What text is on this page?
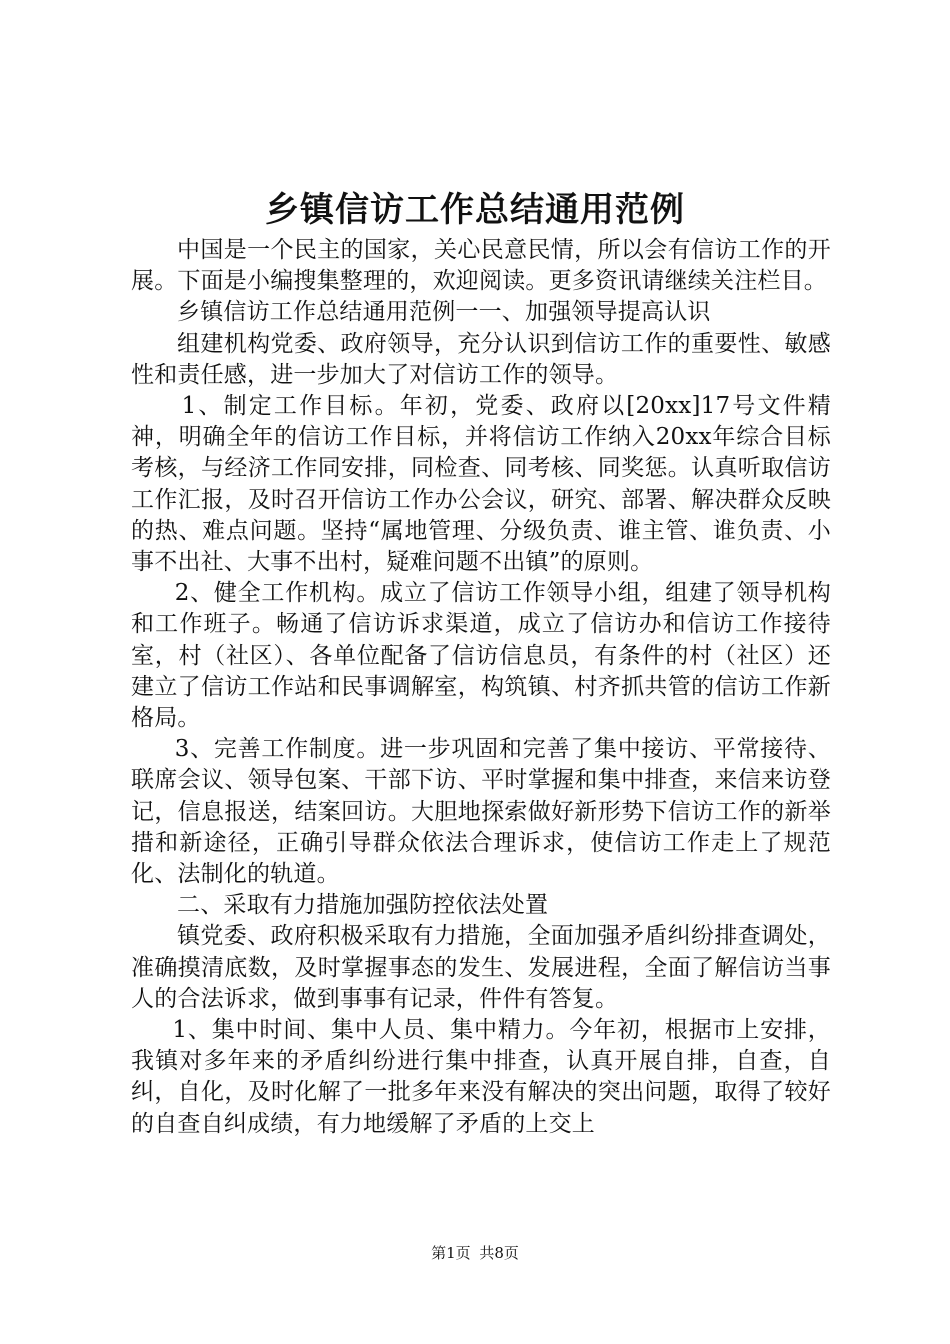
乡镇信访工作总结通用范例

中国是一个民主的国家，关心民意民情，所以会有信访工作的开展。下面是小编搜集整理的，欢迎阅读。更多资讯请继续关注栏目。

乡镇信访工作总结通用范例一一、加强领导提高认识

组建机构党委、政府领导，充分认识到信访工作的重要性、敏感性和责任感，进一步加大了对信访工作的领导。

1、制定工作目标。年初，党委、政府以[20xx]17号文件精神，明确全年的信访工作目标，并将信访工作纳入20xx年综合目标考核，与经济工作同安排，同检查、同考核、同奖惩。认真听取信访工作汇报，及时召开信访工作办公会议，研究、部署、解决群众反映的热、难点问题。坚持“属地管理、分级负责、谁主管、谁负责、小事不出社、大事不出村，疑难问题不出镇”的原则。

2、健全工作机构。成立了信访工作领导小组，组建了领导机构和工作班子。畅通了信访诉求渠道，成立了信访办和信访工作接待室，村（社区）、各单位配备了信访信息员，有条件的村（社区）还建立了信访工作站和民事调解室，构筑镇、村齐抓共管的信访工作新格局。

3、完善工作制度。进一步巩固和完善了集中接访、平常接待、联席会议、领导包案、干部下访、平时掌握和集中排查，来信来访登记，信息报送，结案回访。大胆地探索做好新形势下信访工作的新举措和新途径，正确引导群众依法合理诉求，使信访工作走上了规范化、法制化的轨道。

二、采取有力措施加强防控依法处置

镇党委、政府积极采取有力措施，全面加强矛盾纠纷排查调处，准确摸清底数，及时掌握事态的发生、发展进程，全面了解信访当事人的合法诉求，做到事事有记录，件件有答复。

1、集中时间、集中人员、集中精力。今年初，根据市上安排，我镇对多年来的矛盾纠纷进行集中排查，认真开展自排，自查，自纠，自化，及时化解了一批多年来没有解决的突出问题，取得了较好的自查自纠成绩，有力地缓解了矛盾的上交上

第1页 共8页
